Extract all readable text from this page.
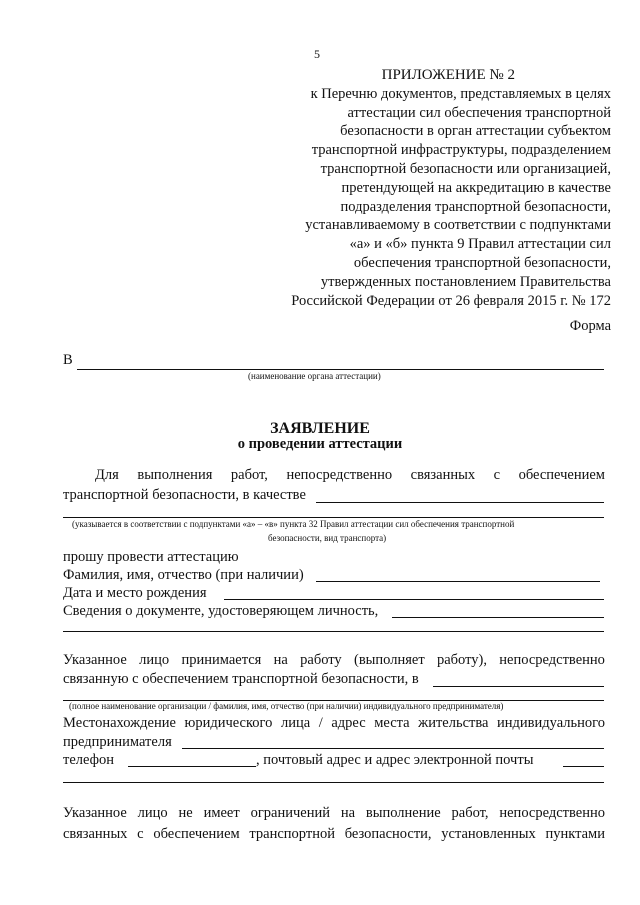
5
ПРИЛОЖЕНИЕ № 2
к Перечню документов, представляемых в целях
аттестации сил обеспечения транспортной
безопасности в орган аттестации субъектом
транспортной инфраструктуры, подразделением
транспортной безопасности или организацией,
претендующей на аккредитацию в качестве
подразделения транспортной безопасности,
устанавливаемому в соответствии с подпунктами
«а» и «б» пункта 9 Правил аттестации сил
обеспечения транспортной безопасности,
утвержденных постановлением Правительства
Российской Федерации от 26 февраля 2015 г. № 172
Форма
В
(наименование органа аттестации)
ЗАЯВЛЕНИЕ
о проведении аттестации
Для выполнения работ, непосредственно связанных с обеспечением
транспортной безопасности, в качестве
(указывается в соответствии с подпунктами «а» – «в» пункта 32 Правил аттестации сил обеспечения транспортной
безопасности, вид транспорта)
прошу провести аттестацию
Фамилия, имя, отчество (при наличии)
Дата и место рождения
Сведения о документе, удостоверяющем личность,
Указанное лицо принимается на работу (выполняет работу), непосредственно
связанную с обеспечением транспортной безопасности, в
(полное наименование организации / фамилия, имя, отчество (при наличии) индивидуального предпринимателя)
Местонахождение юридического лица / адрес места жительства индивидуального
предпринимателя
телефон	, почтовый адрес и адрес электронной почты
Указанное лицо не имеет ограничений на выполнение работ, непосредственно
связанных с обеспечением транспортной безопасности, установленных пунктами
